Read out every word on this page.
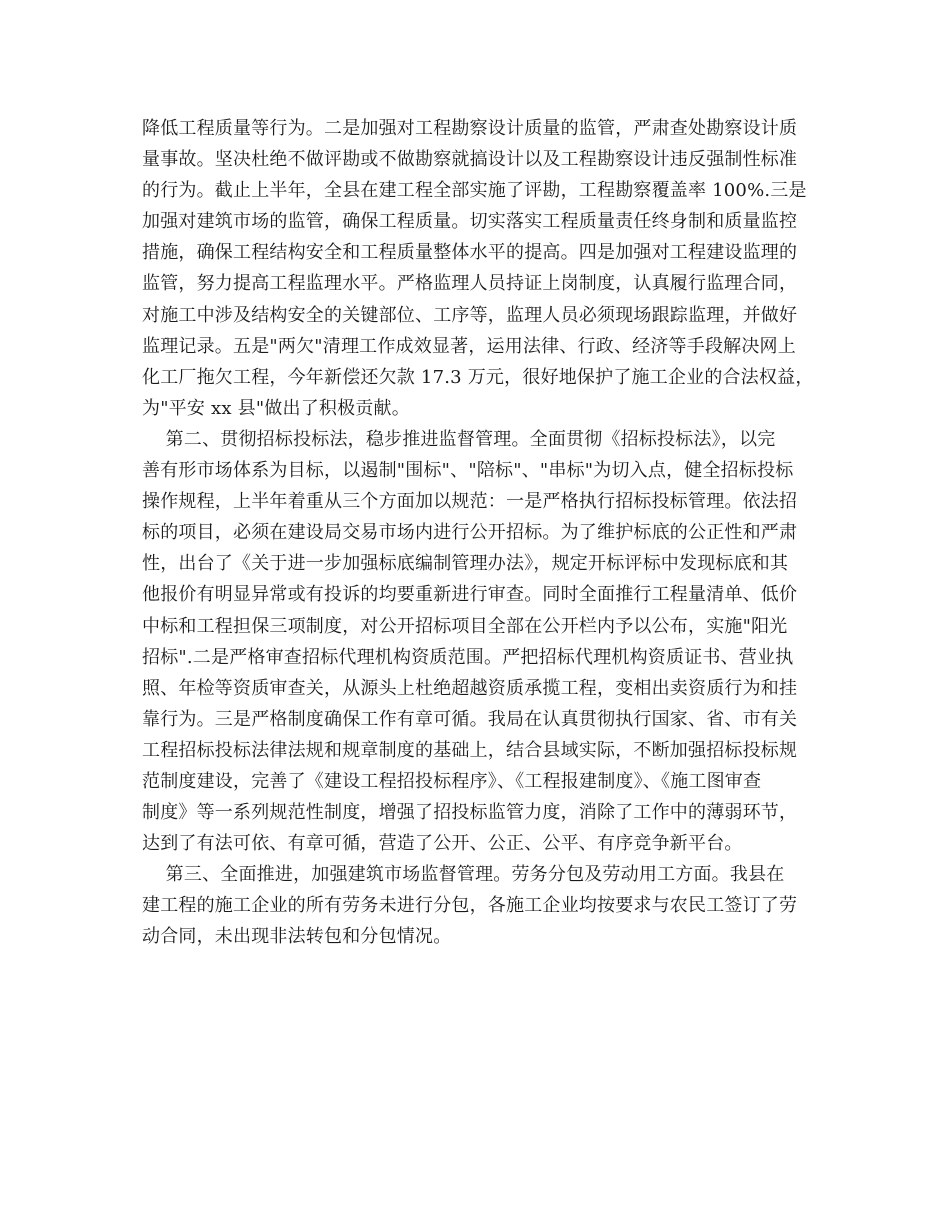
降低工程质量等行为。二是加强对工程勘察设计质量的监管，严肃查处勘察设计质
量事故。坚决杜绝不做评勘或不做勘察就搞设计以及工程勘察设计违反强制性标准
的行为。截止上半年，全县在建工程全部实施了评勘，工程勘察覆盖率 100%.三是
加强对建筑市场的监管，确保工程质量。切实落实工程质量责任终身制和质量监控
措施，确保工程结构安全和工程质量整体水平的提高。四是加强对工程建设监理的
监管，努力提高工程监理水平。严格监理人员持证上岗制度，认真履行监理合同，
对施工中涉及结构安全的关键部位、工序等，监理人员必须现场跟踪监理，并做好
监理记录。五是"两欠"清理工作成效显著，运用法律、行政、经济等手段解决网上
化工厂拖欠工程，今年新偿还欠款 17.3 万元，很好地保护了施工企业的合法权益，
为"平安 xx 县"做出了积极贡献。
第二、贯彻招标投标法，稳步推进监督管理。全面贯彻《招标投标法》，以完
善有形市场体系为目标，以遏制"围标"、"陪标"、"串标"为切入点，健全招标投标
操作规程，上半年着重从三个方面加以规范：一是严格执行招标投标管理。依法招
标的项目，必须在建设局交易市场内进行公开招标。为了维护标底的公正性和严肃
性，出台了《关于进一步加强标底编制管理办法》，规定开标评标中发现标底和其
他报价有明显异常或有投诉的均要重新进行审查。同时全面推行工程量清单、低价
中标和工程担保三项制度，对公开招标项目全部在公开栏内予以公布，实施"阳光
招标".二是严格审查招标代理机构资质范围。严把招标代理机构资质证书、营业执
照、年检等资质审查关，从源头上杜绝超越资质承揽工程，变相出卖资质行为和挂
靠行为。三是严格制度确保工作有章可循。我局在认真贯彻执行国家、省、市有关
工程招标投标法律法规和规章制度的基础上，结合县域实际，不断加强招标投标规
范制度建设，完善了《建设工程招投标程序》、《工程报建制度》、《施工图审查
制度》等一系列规范性制度，增强了招投标监管力度，消除了工作中的薄弱环节，
达到了有法可依、有章可循，营造了公开、公正、公平、有序竞争新平台。
第三、全面推进，加强建筑市场监督管理。劳务分包及劳动用工方面。我县在
建工程的施工企业的所有劳务未进行分包，各施工企业均按要求与农民工签订了劳
动合同，未出现非法转包和分包情况。
